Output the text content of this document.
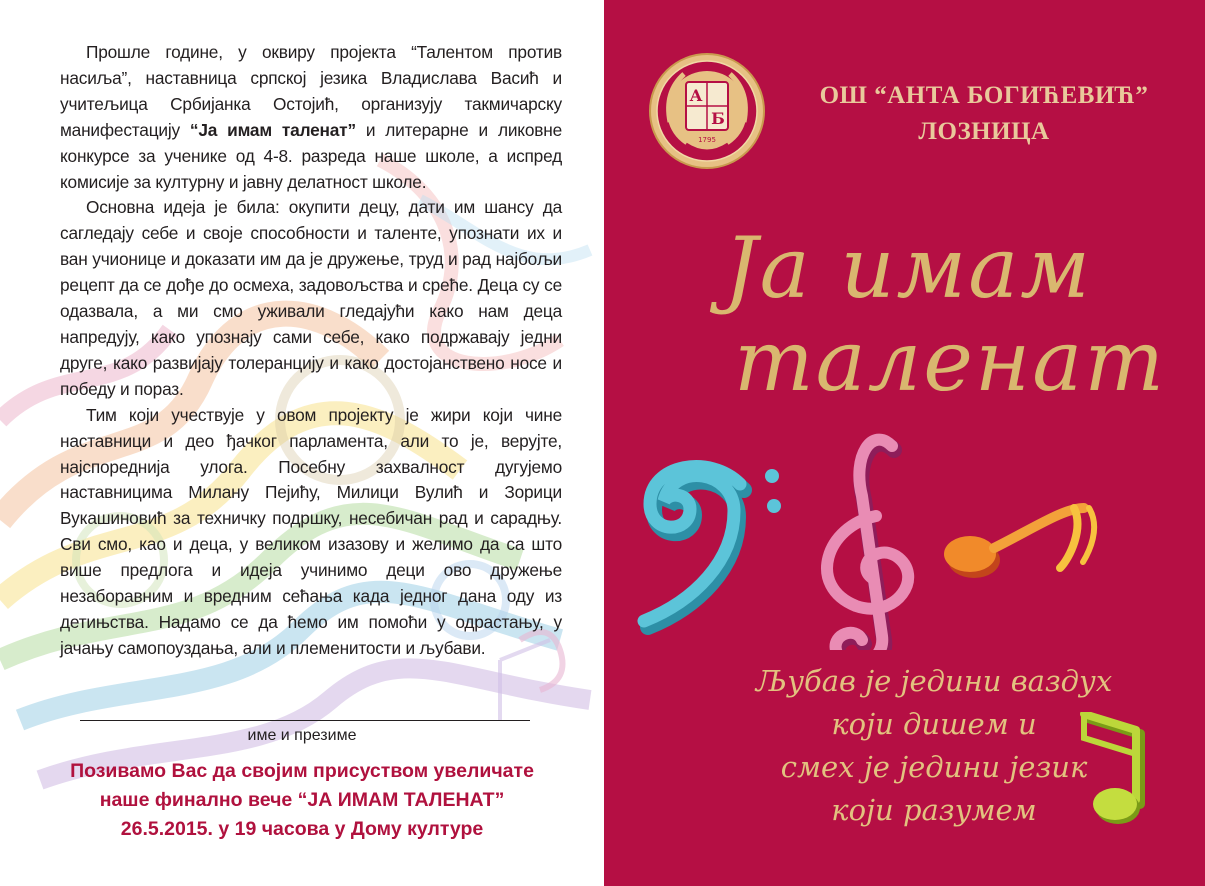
Прошле године, у оквиру пројекта “Талентом против насиља”, наставница српскoj језика Владислава Васић и учитељица Србијанка Остојић, организују такмичарску манифестацију “Ја имам таленат” и литерарне и ликовне конкурсе за ученике од 4-8. разреда наше школе, а испред комисије за културну и јавну делатност школе.

Основна идеја је била: окупити децу, дати им шансу да сагледају себе и своје способности и таленте, упознати их и ван учионице и доказати им да је дружење, труд и рад најбољи рецепт да се дође до осмеха, задовољства и среће. Деца су се одазвала, а ми смо уживали гледајући како нам деца напредују, како упознају сами себе, како подржавају једни друге, како развијају толеранцију и како достојанствено носе и победу и пораз.

Тим који учествује у овом пројекту је жири који чине наставници и део ђачког парламента, али то је, верујте, најспореднија улога. Посебну захвалност дугујемо наставницима Милану Пејићу, Милици Вулић и Зорици Вукашиновић за техничку подршку, несебичан рад и сарадњу. Сви смо, као и деца, у великом изазову и желимо да са што више предлога и идеја учинимо деци ово дружење незаборавним и вредним сећања када једног дана оду из детињства. Надамо се да ћемо им помоћи у одрастању, у јачању самопоуздања, али и племенитости и љубави.

име и презиме
Позивамо Вас да својим присуством увеличате
наше финално вече “ЈА ИМАМ ТАЛЕНАТ”
26.5.2015. у 19 часова у Дому културе
А
Б
1795
ОШ “АНТА БОГИЋЕВИЋ”
ЛОЗНИЦА
Ја имам
таленат
Љубав је једини ваздух
који дишем и
смех је једини језик
који разумем
